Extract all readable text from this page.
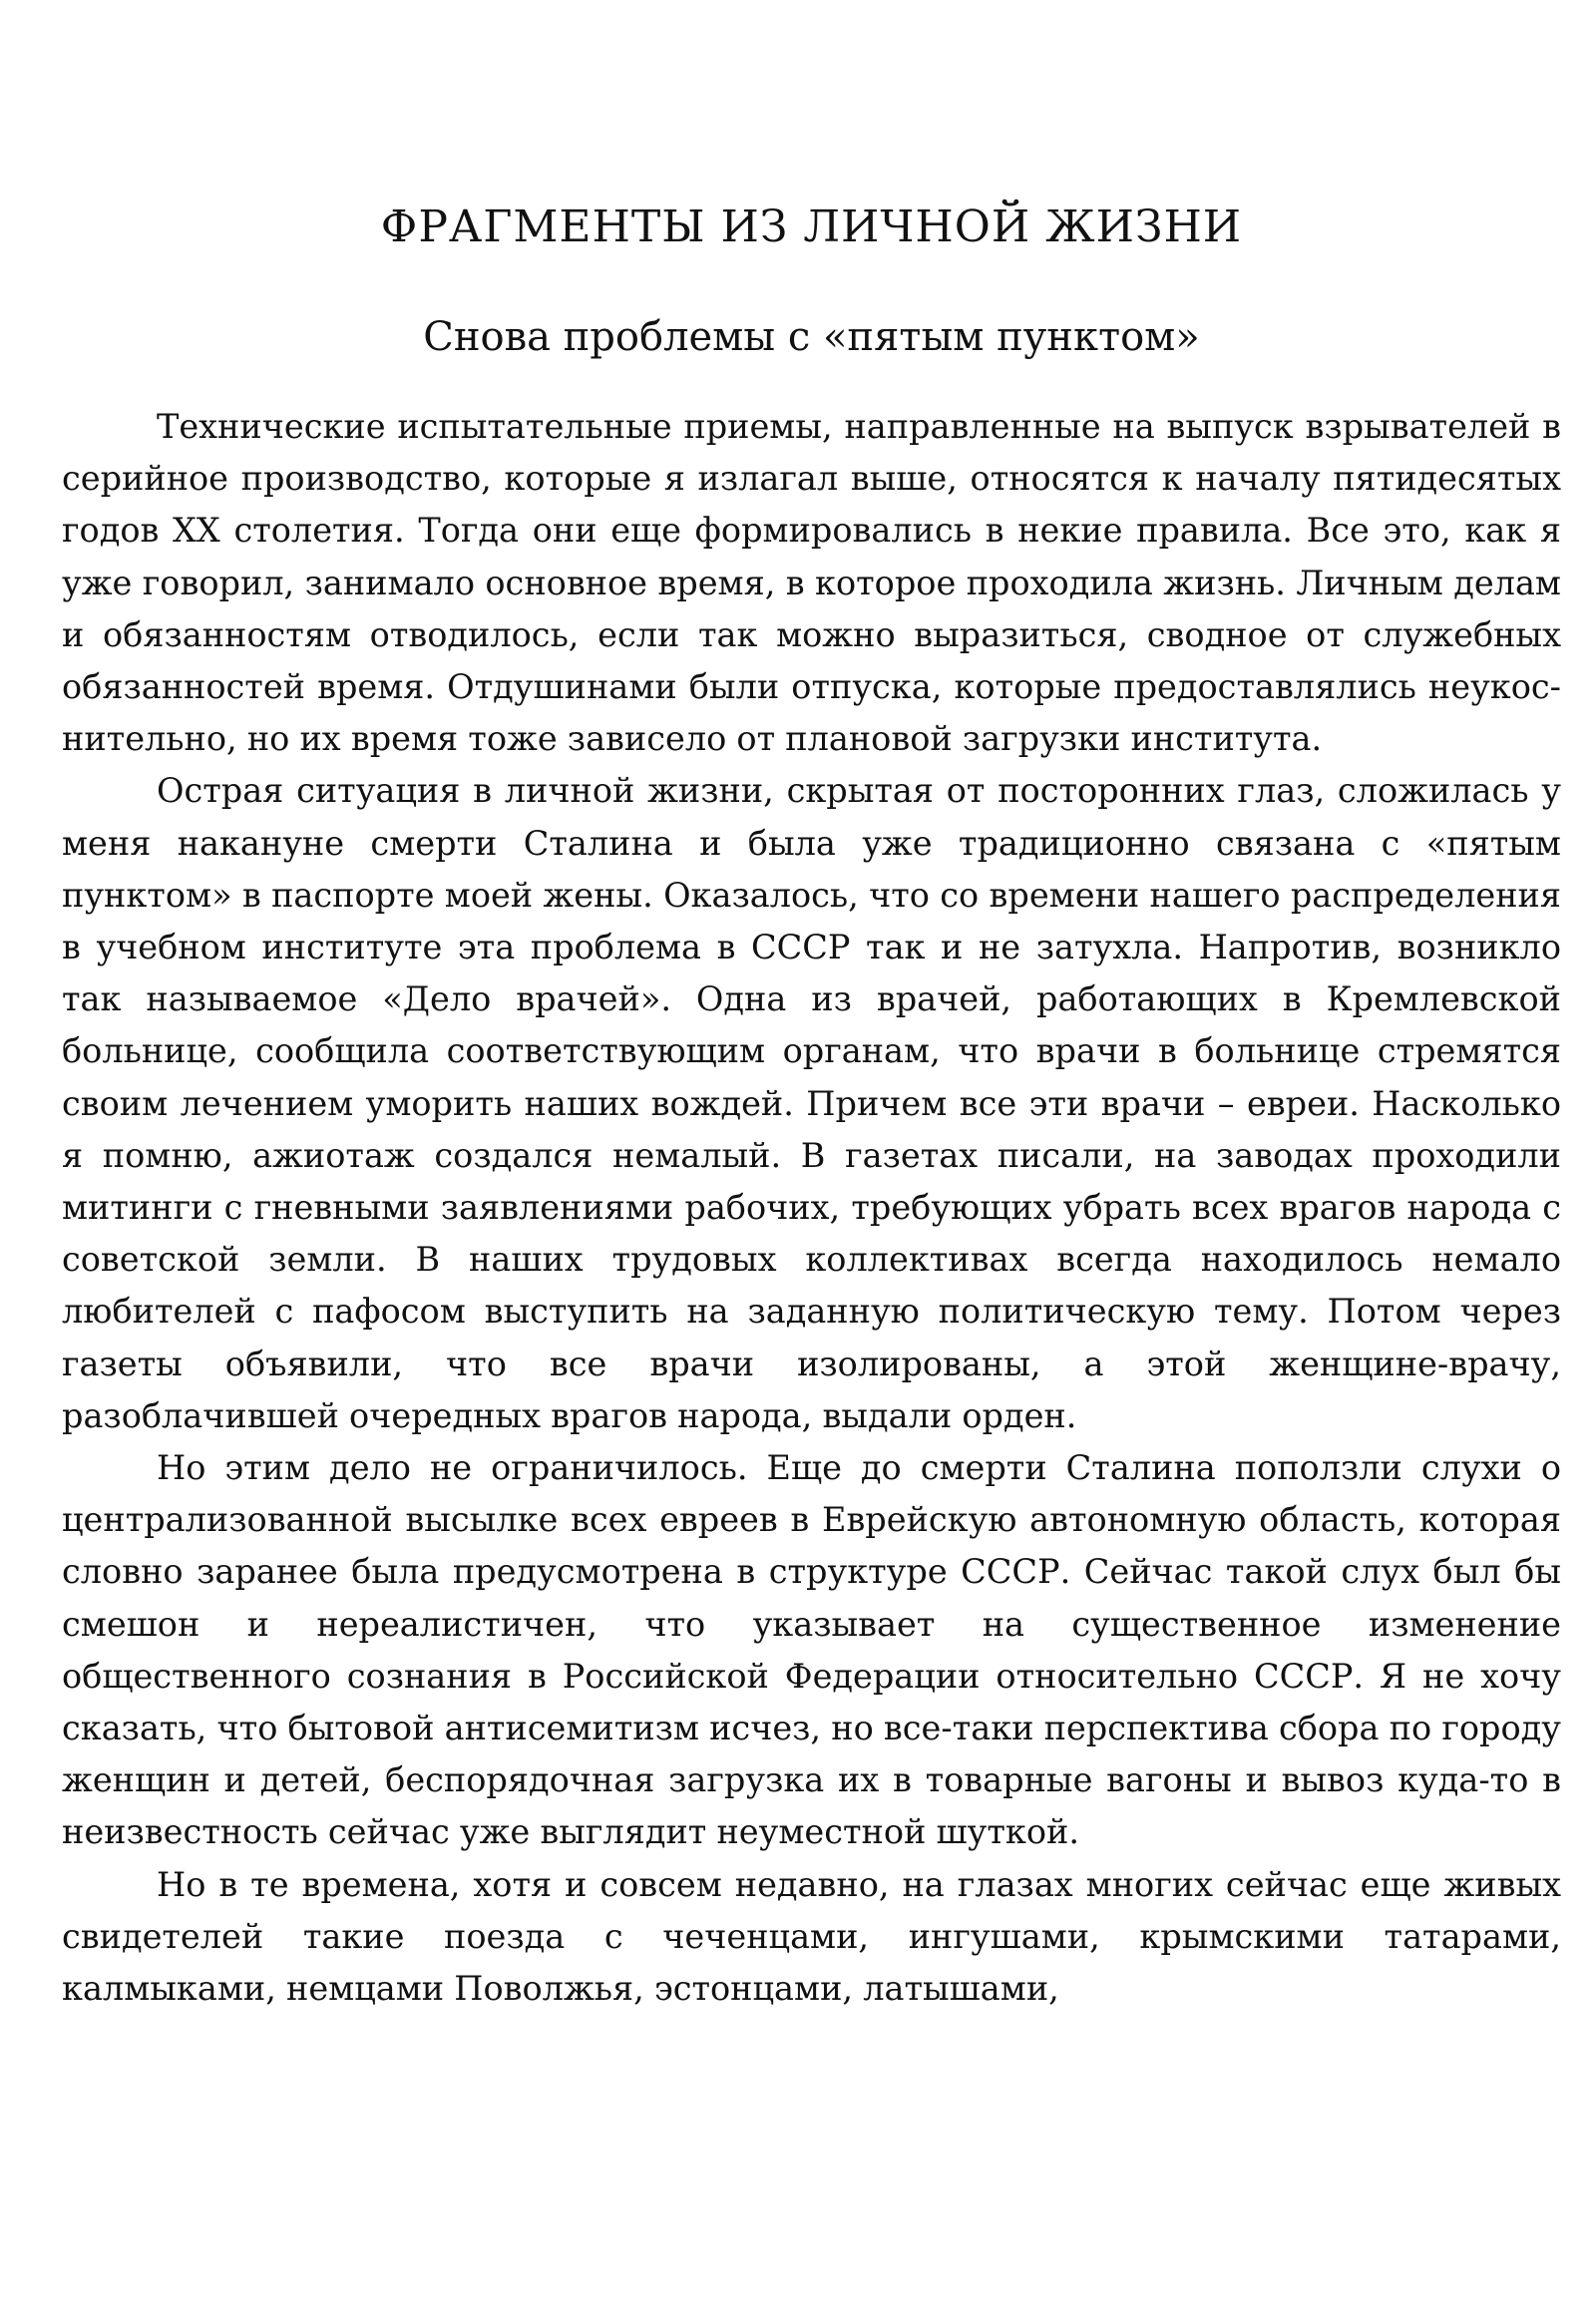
ФРАГМЕНТЫ ИЗ ЛИЧНОЙ ЖИЗНИ
Снова проблемы с «пятым пунктом»

Технические испытательные приемы, направленные на выпуск взрывателей в серийное производство, которые я излагал выше, относятся к началу пятидесятых годов XX столетия. Тогда они еще формировались в некие правила. Все это, как я уже говорил, занимало основное время, в которое проходила жизнь. Личным делам и обязанностям отводилось, если так можно выразиться, сводное от служебных обязанностей время. Отдушинами были отпуска, которые предоставлялись неукоснительно, но их время тоже зависело от плановой загрузки института.

Острая ситуация в личной жизни, скрытая от посторонних глаз, сложилась у меня накануне смерти Сталина и была уже традиционно связана с «пятым пунктом» в паспорте моей жены. Оказалось, что со времени нашего распределения в учебном институте эта проблема в СССР так и не затухла. Напротив, возникло так называемое «Дело врачей». Одна из врачей, работающих в Кремлевской больнице, сообщила соответствующим органам, что врачи в больнице стремятся своим лечением уморить наших вождей. Причем все эти врачи – евреи. Насколько я помню, ажиотаж создался немалый. В газетах писали, на заводах проходили митинги с гневными заявлениями рабочих, требующих убрать всех врагов народа с советской земли. В наших трудовых коллективах всегда находилось немало любителей с пафосом выступить на заданную политическую тему. Потом через газеты объявили, что все врачи изолированы, а этой женщине-врачу, разоблачившей очередных врагов народа, выдали орден.

Но этим дело не ограничилось. Еще до смерти Сталина поползли слухи о централизованной высылке всех евреев в Еврейскую автономную область, которая словно заранее была предусмотрена в структуре СССР. Сейчас такой слух был бы смешон и нереалистичен, что указывает на существенное изменение общественного сознания в Российской Федерации относительно СССР. Я не хочу сказать, что бытовой антисемитизм исчез, но все-таки перспектива сбора по городу женщин и детей, беспорядочная загрузка их в товарные вагоны и вывоз куда-то в неизвестность сейчас уже выглядит неуместной шуткой.

Но в те времена, хотя и совсем недавно, на глазах многих сейчас еще живых свидетелей такие поезда с чеченцами, ингушами, крымскими татарами, калмыками, немцами Поволжья, эстонцами, латышами,
